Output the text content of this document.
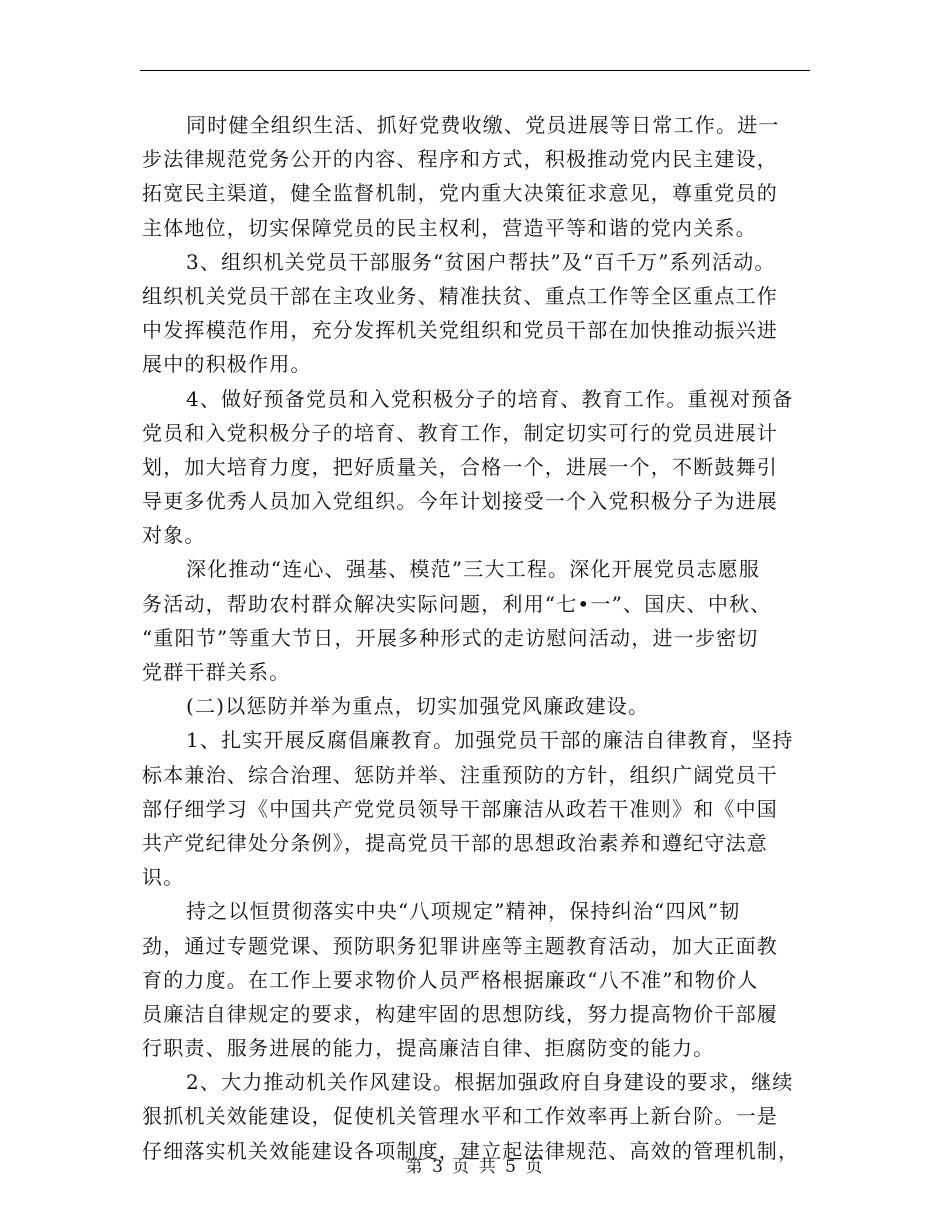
同时健全组织生活、抓好党费收缴、党员进展等日常工作。进一
步法律规范党务公开的内容、程序和方式，积极推动党内民主建设，
拓宽民主渠道，健全监督机制，党内重大决策征求意见，尊重党员的
主体地位，切实保障党员的民主权利，营造平等和谐的党内关系。
3、组织机关党员干部服务“贫困户帮扶”及“百千万”系列活动。
组织机关党员干部在主攻业务、精准扶贫、重点工作等全区重点工作
中发挥模范作用，充分发挥机关党组织和党员干部在加快推动振兴进
展中的积极作用。
4、做好预备党员和入党积极分子的培育、教育工作。重视对预备
党员和入党积极分子的培育、教育工作，制定切实可行的党员进展计
划，加大培育力度，把好质量关，合格一个，进展一个，不断鼓舞引
导更多优秀人员加入党组织。今年计划接受一个入党积极分子为进展
对象。
深化推动“连心、强基、模范”三大工程。深化开展党员志愿服
务活动，帮助农村群众解决实际问题，利用“七•一”、国庆、中秋、
“重阳节”等重大节日，开展多种形式的走访慰问活动，进一步密切
党群干群关系。
(二)以惩防并举为重点，切实加强党风廉政建设。
1、扎实开展反腐倡廉教育。加强党员干部的廉洁自律教育，坚持
标本兼治、综合治理、惩防并举、注重预防的方针，组织广阔党员干
部仔细学习《中国共产党党员领导干部廉洁从政若干准则》和《中国
共产党纪律处分条例》，提高党员干部的思想政治素养和遵纪守法意
识。
持之以恒贯彻落实中央“八项规定”精神，保持纠治“四风”韧
劲，通过专题党课、预防职务犯罪讲座等主题教育活动，加大正面教
育的力度。在工作上要求物价人员严格根据廉政“八不准”和物价人
员廉洁自律规定的要求，构建牢固的思想防线，努力提高物价干部履
行职责、服务进展的能力，提高廉洁自律、拒腐防变的能力。
2、大力推动机关作风建设。根据加强政府自身建设的要求，继续
狠抓机关效能建设，促使机关管理水平和工作效率再上新台阶。一是
仔细落实机关效能建设各项制度，建立起法律规范、高效的管理机制，
第 3 页 共 5 页
